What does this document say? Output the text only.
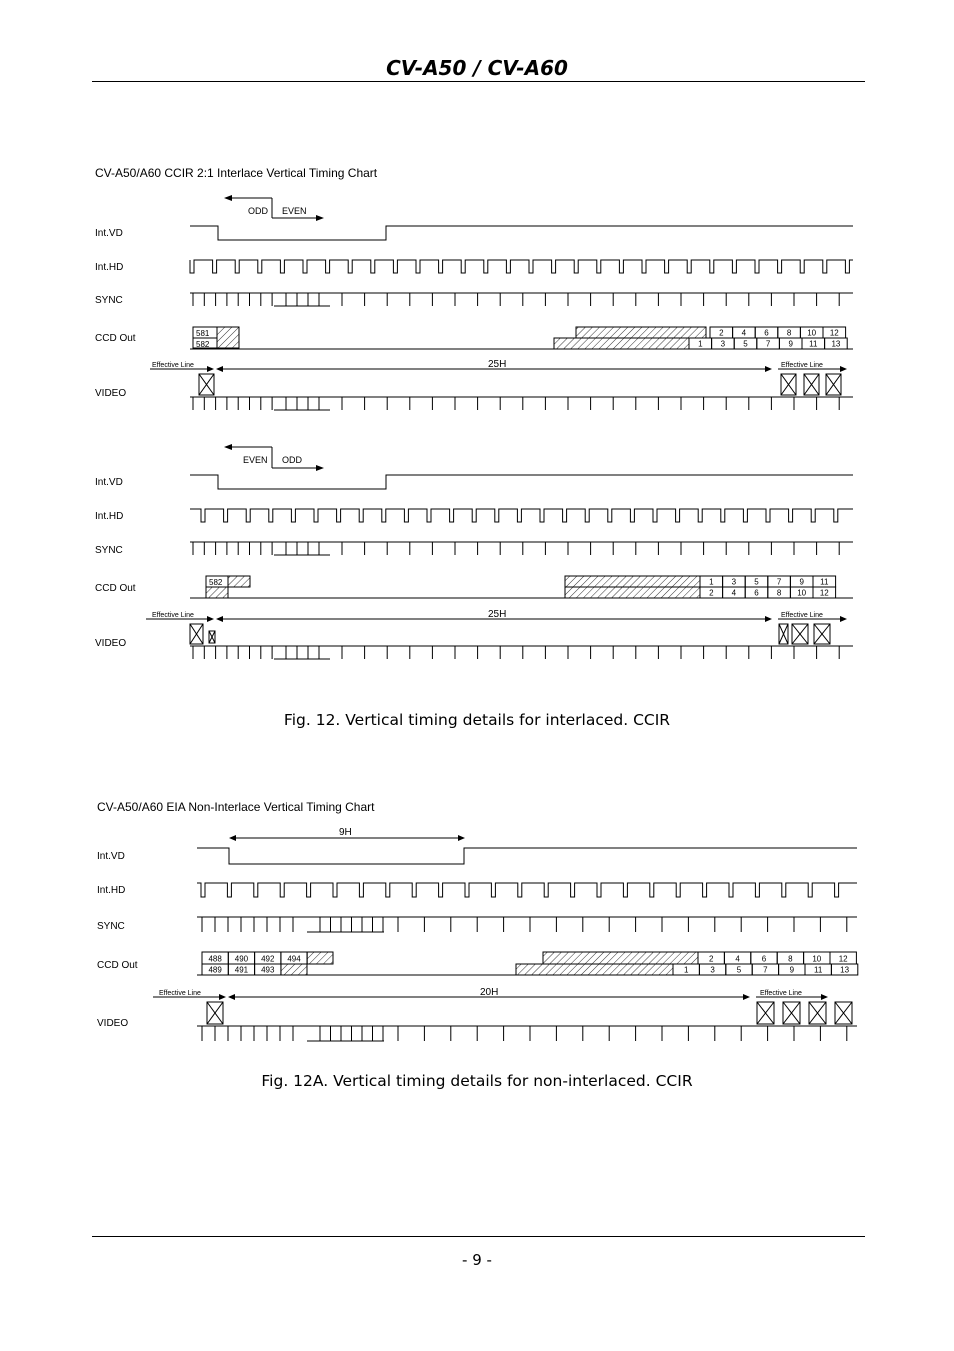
CV-A50 / CV-A60
CV-A50/A60 CCIR 2:1 Interlace Vertical Timing Chart
Int.VD
Int.HD
SYNC
CCD Out
VIDEO
ODD EVEN
581
582
2 4 6 8 10 12
1 3 5 7 9 11 13
Effective Line	25H	Effective Line
Int.VD
Int.HD
SYNC
CCD Out
VIDEO
EVEN ODD
582	1 3 5 7 9 11
2 4 6 8 10 12
Effective Line	25H	Effective Line
Fig. 12. Vertical timing details for interlaced. CCIR
CV-A50/A60 EIA Non-Interlace Vertical Timing Chart
Int.VD
Int.HD
SYNC
CCD Out
VIDEO
9H
488 490 492 494
489 491 493
2	4	6	8 10 12
1	3	5	7	9	11 13
Effective Line	20H	Effective Line
Fig. 12A. Vertical timing details for non-interlaced. CCIR
- 9 -
